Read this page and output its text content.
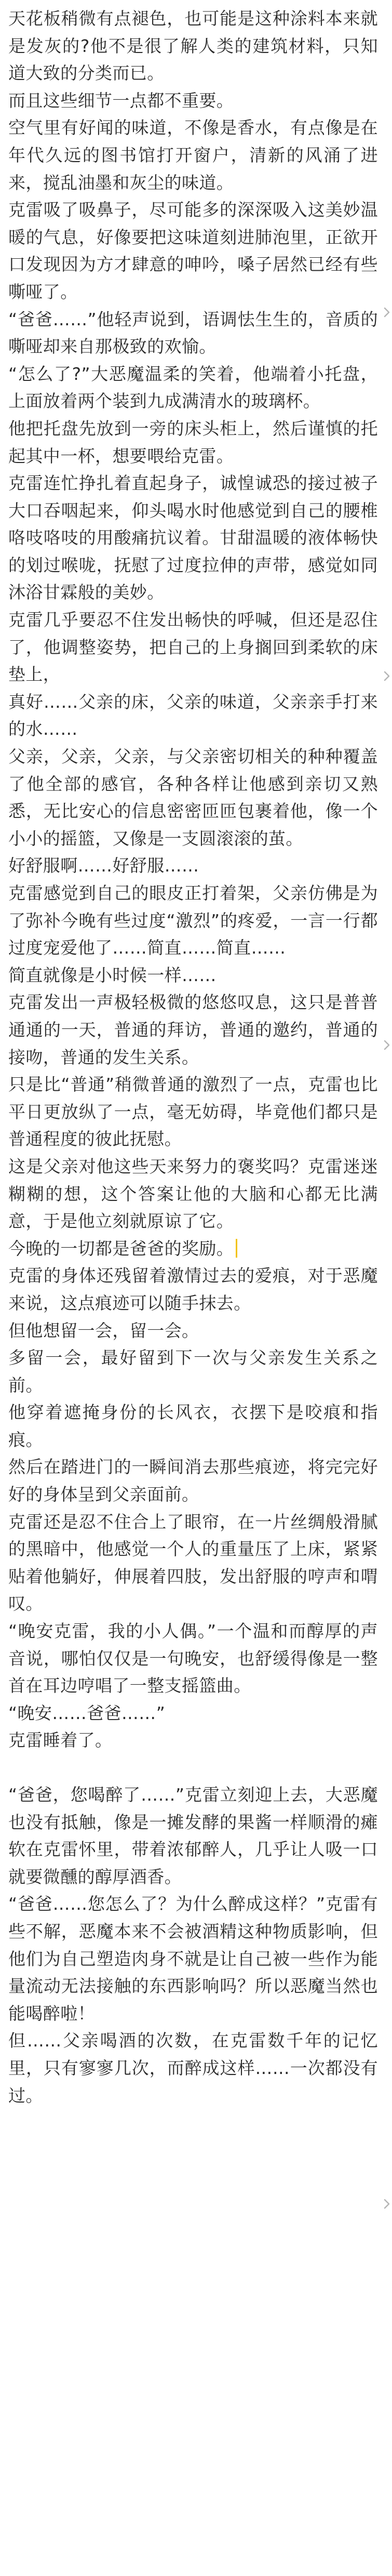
天花板稍微有点褪色，也可能是这种涂料本来就是发灰的?他不是很了解人类的建筑材料，只知道大致的分类而已。

而且这些细节一点都不重要。

空气里有好闻的味道，不像是香水，有点像是在年代久远的图书馆打开窗户，清新的风涌了进来，搅乱油墨和灰尘的味道。

克雷吸了吸鼻子，尽可能多的深深吸入这美妙温暖的气息，好像要把这味道刻进肺泡里，正欲开口发现因为方才肆意的呻吟，嗓子居然已经有些嘶哑了。

“爸爸……”他轻声说到，语调怯生生的，音质的嘶哑却来自那极致的欢愉。

“怎么了?”大恶魔温柔的笑着，他端着小托盘，上面放着两个装到九成满清水的玻璃杯。

他把托盘先放到一旁的床头柜上，然后谨慎的托起其中一杯，想要喂给克雷。

克雷连忙挣扎着直起身子，诚惶诚恐的接过被子大口吞咽起来，仰头喝水时他感觉到自己的腰椎咯吱咯吱的用酸痛抗议着。甘甜温暖的液体畅快的划过喉咙，抚慰了过度拉伸的声带，感觉如同沐浴甘霖般的美妙。

克雷几乎要忍不住发出畅快的呼喊，但还是忍住了，他调整姿势，把自己的上身搁回到柔软的床垫上，

真好……父亲的床，父亲的味道，父亲亲手打来的水……

父亲，父亲，父亲，与父亲密切相关的种种覆盖了他全部的感官，各种各样让他感到亲切又熟悉，无比安心的信息密密匝匝包裹着他，像一个小小的摇篮，又像是一支圆滚滚的茧。

好舒服啊……好舒服……

克雷感觉到自己的眼皮正打着架，父亲仿佛是为了弥补今晚有些过度“激烈”的疼爱，一言一行都过度宠爱他了……简直……简直……

简直就像是小时候一样……

克雷发出一声极轻极微的悠悠叹息，这只是普普通通的一天，普通的拜访，普通的邀约，普通的接吻，普通的发生关系。

只是比“普通”稍微普通的激烈了一点，克雷也比平日更放纵了一点，毫无妨碍，毕竟他们都只是普通程度的彼此抚慰。

这是父亲对他这些天来努力的褒奖吗？克雷迷迷糊糊的想，这个答案让他的大脑和心都无比满意，于是他立刻就原谅了它。

今晚的一切都是爸爸的奖励。

克雷的身体还残留着激情过去的爱痕，对于恶魔来说，这点痕迹可以随手抹去。

但他想留一会，留一会。

多留一会，最好留到下一次与父亲发生关系之前。

他穿着遮掩身份的长风衣，衣摆下是咬痕和指痕。

然后在踏进门的一瞬间消去那些痕迹，将完完好好的身体呈到父亲面前。

克雷还是忍不住合上了眼帘，在一片丝绸般滑腻的黑暗中，他感觉一个人的重量压了上床，紧紧贴着他躺好，伸展着四肢，发出舒服的哼声和喟叹。

“晚安克雷，我的小人偶。”一个温和而醇厚的声音说，哪怕仅仅是一句晚安，也舒缓得像是一整首在耳边哼唱了一整支摇篮曲。

“晚安……爸爸……”

克雷睡着了。

“爸爸，您喝醉了……”克雷立刻迎上去，大恶魔也没有抵触，像是一摊发酵的果酱一样顺滑的瘫软在克雷怀里，带着浓郁醉人，几乎让人吸一口就要微醺的醇厚酒香。

“爸爸……您怎么了？为什么醉成这样？”克雷有些不解，恶魔本来不会被酒精这种物质影响，但他们为自己塑造肉身不就是让自己被一些作为能量流动无法接触的东西影响吗？所以恶魔当然也能喝醉啦！

但……父亲喝酒的次数，在克雷数千年的记忆里，只有寥寥几次，而醉成这样……一次都没有过。
